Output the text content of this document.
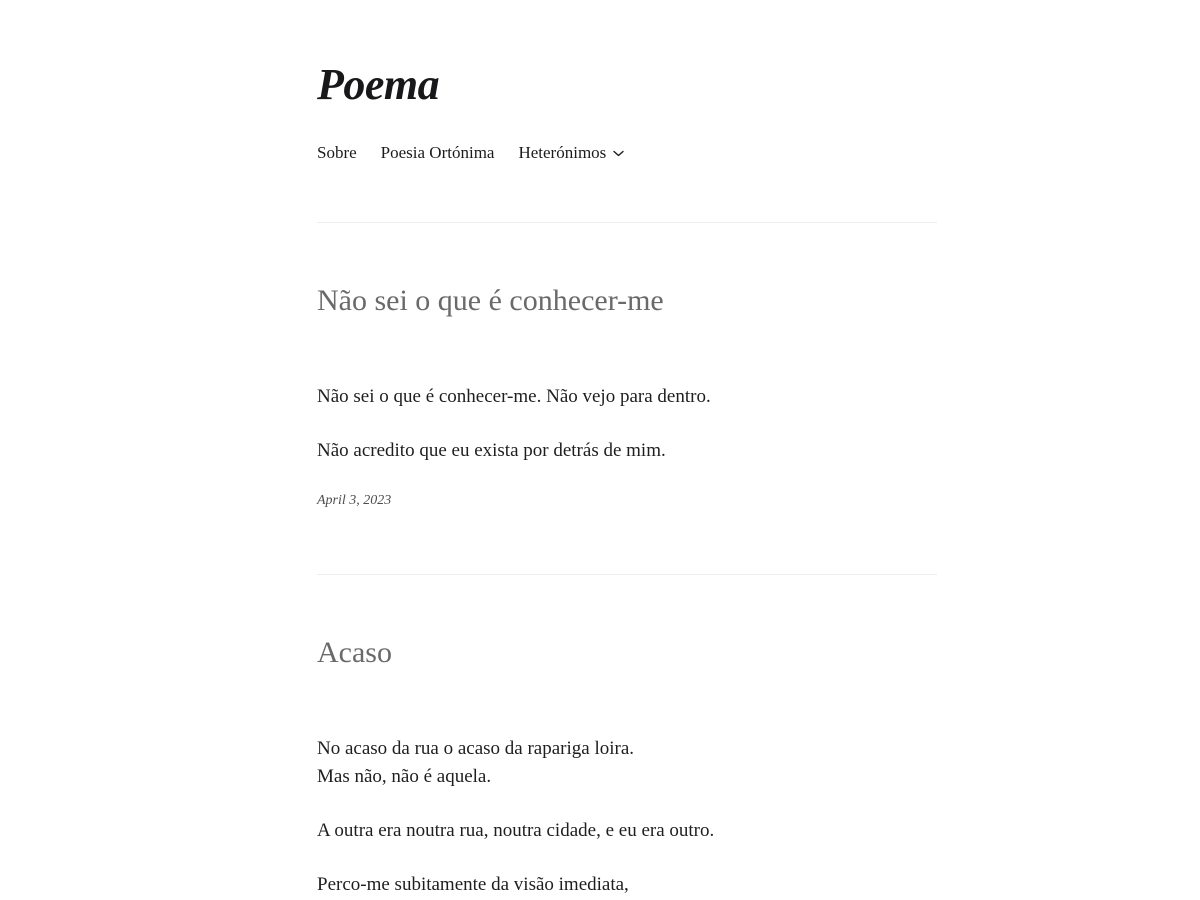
Poema
Sobre Poesia Ortónima Heterónimos
Não sei o que é conhecer-me

Não sei o que é conhecer-me. Não vejo para dentro.

Não acredito que eu exista por detrás de mim.

April 3, 2023
Acaso

No acaso da rua o acaso da rapariga loira.
Mas não, não é aquela.

A outra era noutra rua, noutra cidade, e eu era outro.

Perco-me subitamente da visão imediata,
